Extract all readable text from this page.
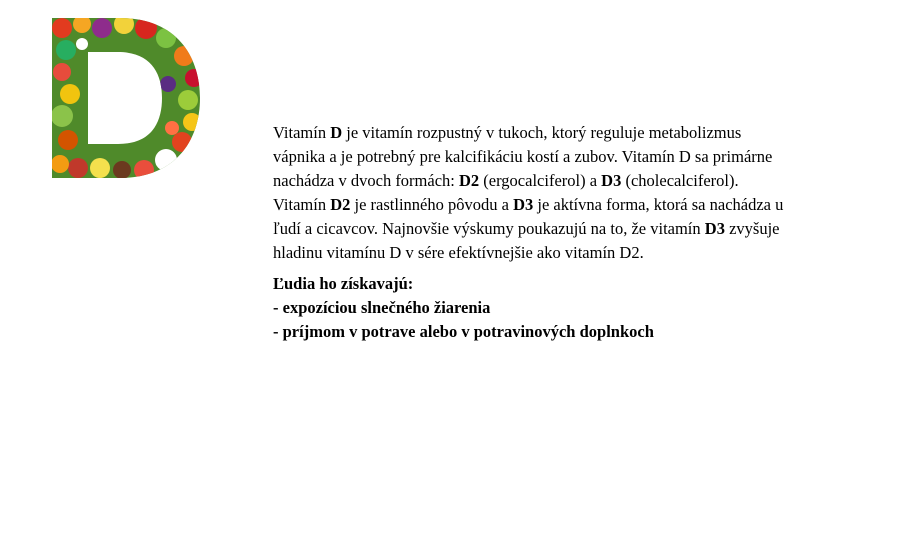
Vitamín D je vitamín rozpustný v tukoch, ktorý reguluje metabolizmus vápnika a je potrebný pre kalcifikáciu kostí a zubov. Vitamín D sa primárne nachádza v dvoch formách: D2 (ergocalciferol) a D3 (cholecalciferol). Vitamín D2 je rastlinného pôvodu a D3 je aktívna forma, ktorá sa nachádza u ľudí a cicavcov. Najnovšie výskumy poukazujú na to, že vitamín D3 zvyšuje hladinu vitamínu D v sére efektívnejšie ako vitamín D2.

Ľudia ho získavajú:
- expozíciou slnečného žiarenia
- príjmom v potrave alebo v potravinových doplnkoch
